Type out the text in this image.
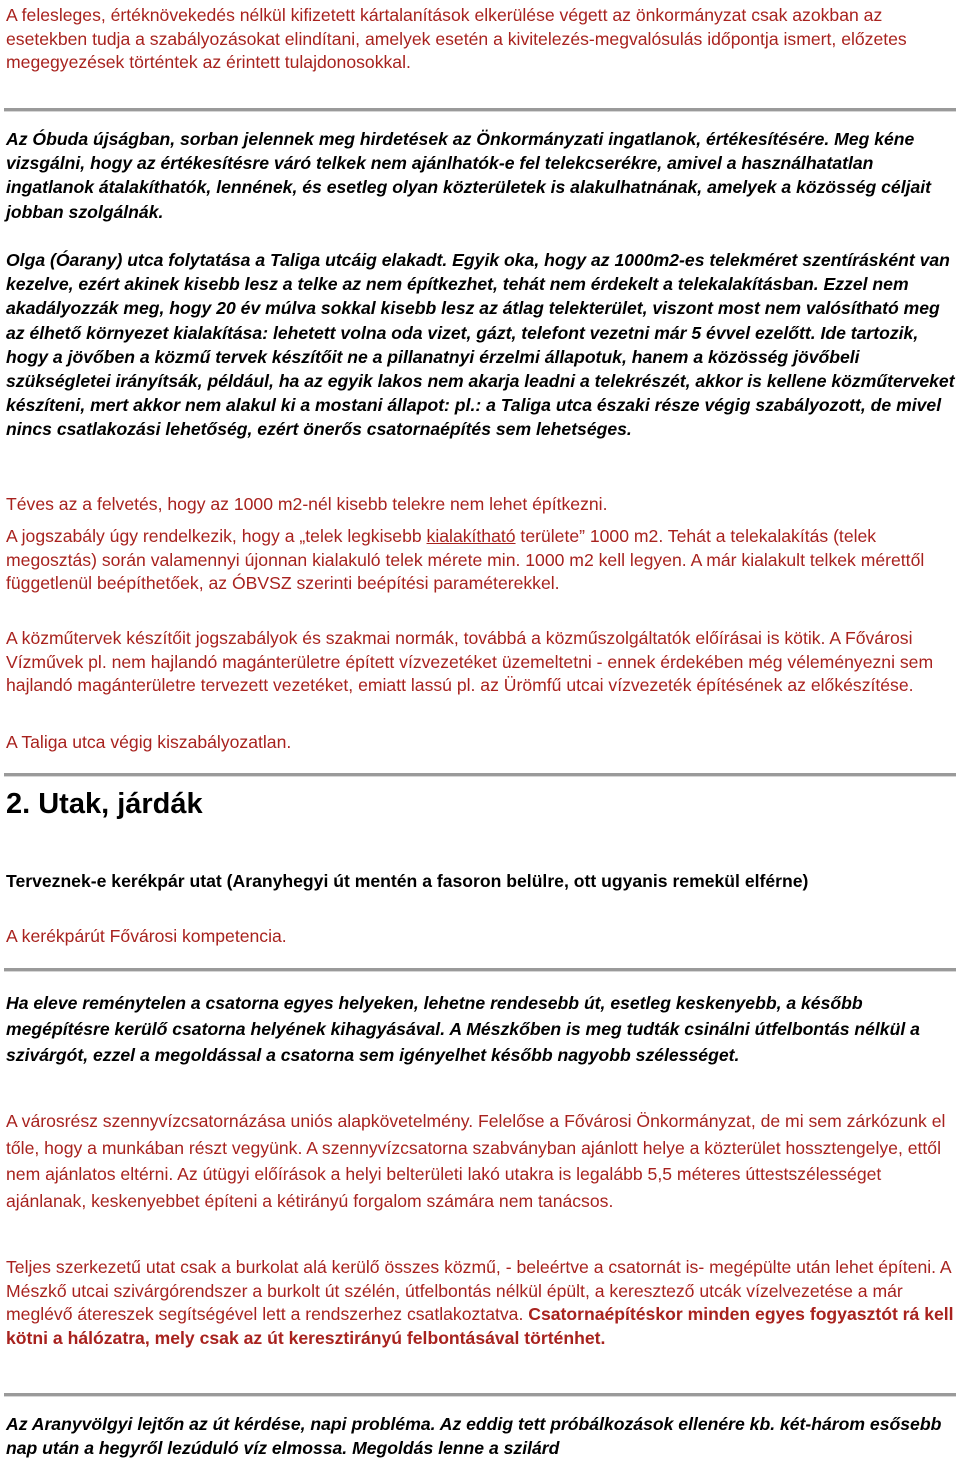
A felesleges, értéknövekedés nélkül kifizetett kártalanítások elkerülése végett az önkormányzat csak azokban az esetekben tudja a szabályozásokat elindítani, amelyek esetén a kivitelezés-megvalósulás időpontja ismert, előzetes megegyezések történtek az érintett tulajdonosokkal.

Az Óbuda újságban, sorban jelennek meg hirdetések az Önkormányzati ingatlanok, értékesítésére. Meg kéne vizsgálni, hogy az értékesítésre váró telkek nem ajánlhatók-e fel telekcserékre, amivel a használhatatlan ingatlanok átalakíthatók, lennének, és esetleg olyan közterületek is alakulhatnának, amelyek a közösség céljait jobban szolgálnák.

Olga (Óarany) utca folytatása a Taliga utcáig elakadt. Egyik oka, hogy az 1000m2-es telekméret szentírásként van kezelve, ezért akinek kisebb lesz a telke az nem építkezhet, tehát nem érdekelt a telekalakításban. Ezzel nem akadályozzák meg, hogy 20 év múlva sokkal kisebb lesz az átlag telekterület, viszont most nem valósítható meg az élhető környezet kialakítása: lehetett volna oda vizet, gázt, telefont vezetni már 5 évvel ezelőtt. Ide tartozik, hogy a jövőben a közmű tervek készítőit ne a pillanatnyi érzelmi állapotuk, hanem a közösség jövőbeli szükségletei irányítsák, például, ha az egyik lakos nem akarja leadni a telekrészét, akkor is kellene közműterveket készíteni, mert akkor nem alakul ki a mostani állapot: pl.: a Taliga utca északi része végig szabályozott, de mivel nincs csatlakozási lehetőség, ezért önerős csatornaépítés sem lehetséges.

Téves az a felvetés, hogy az 1000 m2-nél kisebb telekre nem lehet építkezni.

A jogszabály úgy rendelkezik, hogy a „telek legkisebb kialakítható területe” 1000 m2. Tehát a telekalakítás (telek megosztás) során valamennyi újonnan kialakuló telek mérete min. 1000 m2 kell legyen. A már kialakult telkek mérettől függetlenül beépíthetőek, az ÓBVSZ szerinti beépítési paraméterekkel.

A közműtervek készítőit jogszabályok és szakmai normák, továbbá a közműszolgáltatók előírásai is kötik. A Fővárosi Vízművek pl. nem hajlandó magánterületre épített vízvezetéket üzemeltetni - ennek érdekében még véleményezni sem hajlandó magánterületre tervezett vezetéket, emiatt lassú pl. az Ürömfű utcai vízvezeték építésének az előkészítése.

A Taliga utca végig kiszabályozatlan.

2. Utak, járdák

Terveznek-e kerékpár utat (Aranyhegyi út mentén a fasoron belülre, ott ugyanis remekül elférne)

A kerékpárút Fővárosi kompetencia.

Ha eleve reménytelen a csatorna egyes helyeken, lehetne rendesebb út, esetleg keskenyebb, a később megépítésre kerülő csatorna helyének kihagyásával. A Mészkőben is meg tudták csinálni útfelbontás nélkül a szivárgót, ezzel a megoldással a csatorna sem igényelhet később nagyobb szélességet.

A városrész szennyvízcsatornázása uniós alapkövetelmény. Felelőse a Fővárosi Önkormányzat, de mi sem zárkózunk el tőle, hogy a munkában részt vegyünk. A szennyvízcsatorna szabványban ajánlott helye a közterület hossztengelye, ettől nem ajánlatos eltérni. Az útügyi előírások a helyi belterületi lakó utakra is legalább 5,5 méteres úttestszélességet ajánlanak, keskenyebbet építeni a kétirányú forgalom számára nem tanácsos.

Teljes szerkezetű utat csak a burkolat alá kerülő összes közmű, - beleértve a csatornát is- megépülte után lehet építeni. A Mészkő utcai szivárgórendszer a burkolt út szélén, útfelbontás nélkül épült, a keresztező utcák vízelvezetése a már meglévő átereszek segítségével lett a rendszerhez csatlakoztatva. Csatornaépítéskor minden egyes fogyasztót rá kell kötni a hálózatra, mely csak az út keresztirányú felbontásával történhet.

Az Aranyvölgyi lejtőn az út kérdése, napi probléma. Az eddig tett próbálkozások ellenére kb. két-három esősebb nap után a hegyről lezúduló víz elmossa. Megoldás lenne a szilárd
